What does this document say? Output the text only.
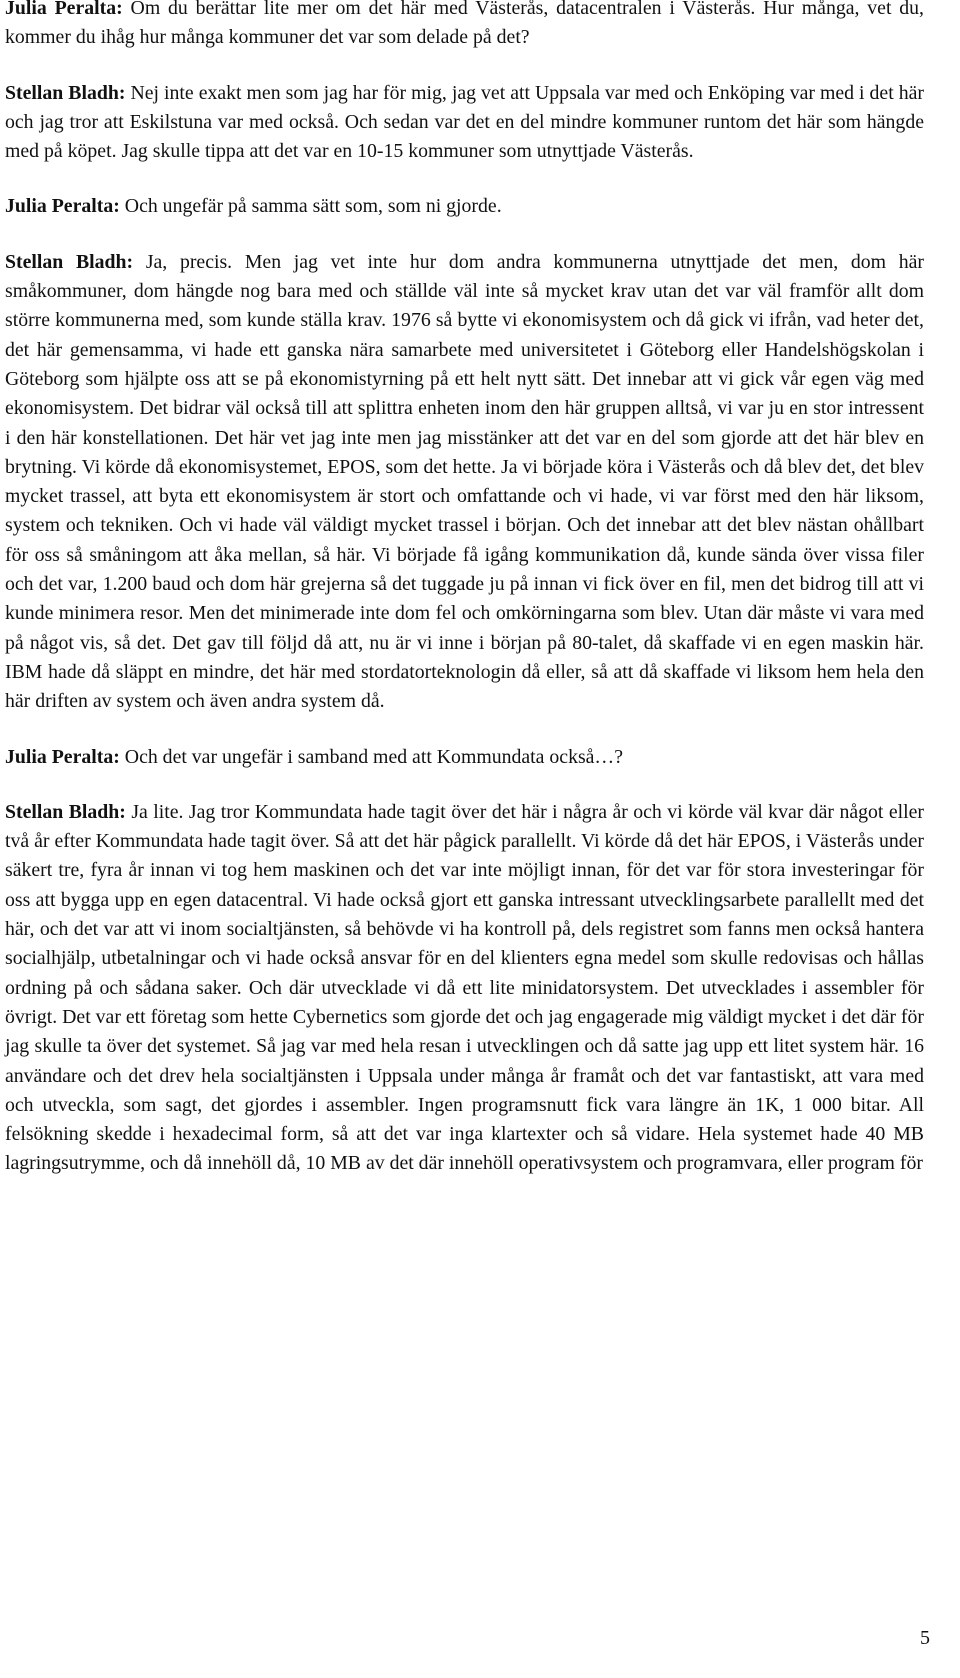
Julia Peralta: Om du berättar lite mer om det här med Västerås, datacentralen i Västerås. Hur många, vet du, kommer du ihåg hur många kommuner det var som delade på det?

Stellan Bladh: Nej inte exakt men som jag har för mig, jag vet att Uppsala var med och Enköping var med i det här och jag tror att Eskilstuna var med också. Och sedan var det en del mindre kommuner runtom det här som hängde med på köpet. Jag skulle tippa att det var en 10-15 kommuner som utnyttjade Västerås.

Julia Peralta: Och ungefär på samma sätt som, som ni gjorde.

Stellan Bladh: Ja, precis. Men jag vet inte hur dom andra kommunerna utnyttjade det men, dom här småkommuner, dom hängde nog bara med och ställde väl inte så mycket krav utan det var väl framför allt dom större kommunerna med, som kunde ställa krav. 1976 så bytte vi ekonomisystem och då gick vi ifrån, vad heter det, det här gemensamma, vi hade ett ganska nära samarbete med universitetet i Göteborg eller Handelshögskolan i Göteborg som hjälpte oss att se på ekonomistyrning på ett helt nytt sätt. Det innebar att vi gick vår egen väg med ekonomisystem. Det bidrar väl också till att splittra enheten inom den här gruppen alltså, vi var ju en stor intressent i den här konstellationen. Det här vet jag inte men jag misstänker att det var en del som gjorde att det här blev en brytning. Vi körde då ekonomisystemet, EPOS, som det hette. Ja vi började köra i Västerås och då blev det, det blev mycket trassel, att byta ett ekonomisystem är stort och omfattande och vi hade, vi var först med den här liksom, system och tekniken. Och vi hade väl väldigt mycket trassel i början. Och det innebar att det blev nästan ohållbart för oss så småningom att åka mellan, så här. Vi började få igång kommunikation då, kunde sända över vissa filer och det var, 1.200 baud och dom här grejerna så det tuggade ju på innan vi fick över en fil, men det bidrog till att vi kunde minimera resor. Men det minimerade inte dom fel och omkörningarna som blev. Utan där måste vi vara med på något vis, så det. Det gav till följd då att, nu är vi inne i början på 80-talet, då skaffade vi en egen maskin här. IBM hade då släppt en mindre, det här med stordatorteknologin då eller, så att då skaffade vi liksom hem hela den här driften av system och även andra system då.

Julia Peralta: Och det var ungefär i samband med att Kommundata också…?

Stellan Bladh: Ja lite. Jag tror Kommundata hade tagit över det här i några år och vi körde väl kvar där något eller två år efter Kommundata hade tagit över. Så att det här pågick parallellt. Vi körde då det här EPOS, i Västerås under säkert tre, fyra år innan vi tog hem maskinen och det var inte möjligt innan, för det var för stora investeringar för oss att bygga upp en egen datacentral. Vi hade också gjort ett ganska intressant utvecklingsarbete parallellt med det här, och det var att vi inom socialtjänsten, så behövde vi ha kontroll på, dels registret som fanns men också hantera socialhjälp, utbetalningar och vi hade också ansvar för en del klienters egna medel som skulle redovisas och hållas ordning på och sådana saker. Och där utvecklade vi då ett lite minidatorsystem. Det utvecklades i assembler för övrigt. Det var ett företag som hette Cybernetics som gjorde det och jag engagerade mig väldigt mycket i det där för jag skulle ta över det systemet. Så jag var med hela resan i utvecklingen och då satte jag upp ett litet system här. 16 användare och det drev hela socialtjänsten i Uppsala under många år framåt och det var fantastiskt, att vara med och utveckla, som sagt, det gjordes i assembler. Ingen programsnutt fick vara längre än 1K, 1 000 bitar. All felsökning skedde i hexadecimal form, så att det var inga klartexter och så vidare. Hela systemet hade 40 MB lagringsutrymme, och då innehöll då, 10 MB av det där innehöll operativsystem och programvara, eller program för

5
